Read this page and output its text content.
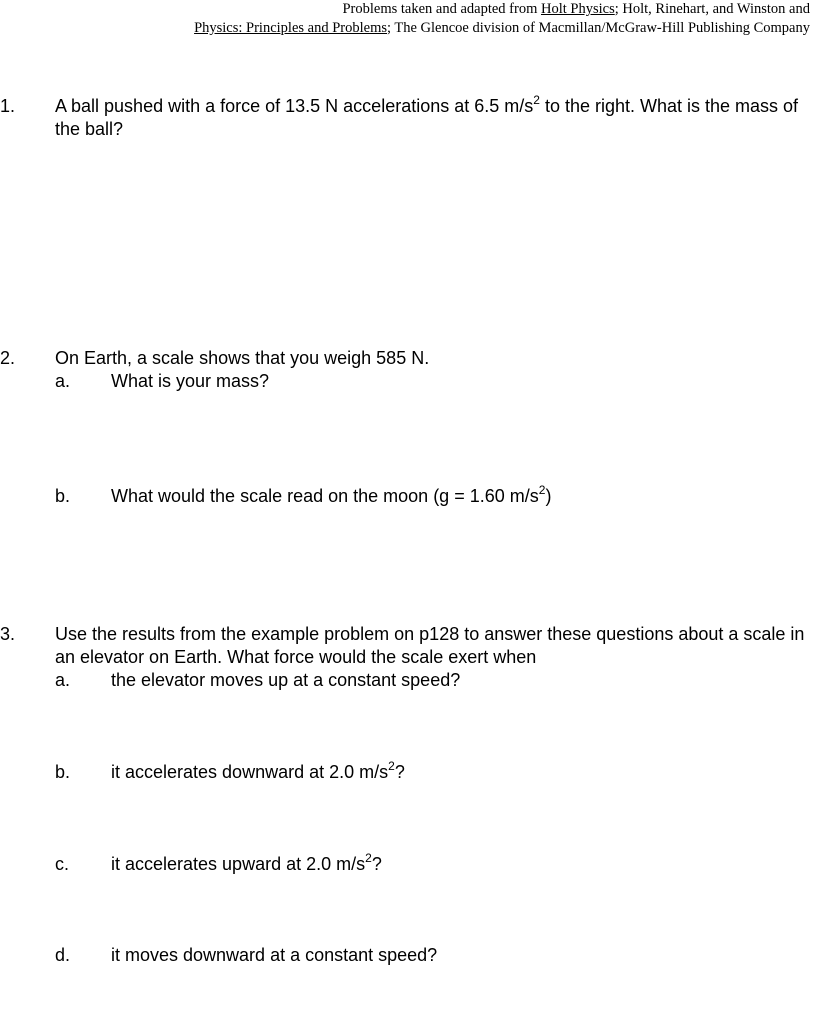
Problems taken and adapted from Holt Physics; Holt, Rinehart, and Winston and
Physics: Principles and Problems; The Glencoe division of Macmillan/McGraw-Hill Publishing Company
1. A ball pushed with a force of 13.5 N accelerations at 6.5 $m/s^2$ to the right. What is the mass of the ball?
2. On Earth, a scale shows that you weigh 585 N.
a. What is your mass?
b. What would the scale read on the moon (g = 1.60 $m/s^2$)
3. Use the results from the example problem on p128 to answer these questions about a scale in an elevator on Earth. What force would the scale exert when
a. the elevator moves up at a constant speed?
b. it accelerates downward at 2.0 $m/s^2$?
c. it accelerates upward at 2.0 $m/s^2$?
d. it moves downward at a constant speed?
